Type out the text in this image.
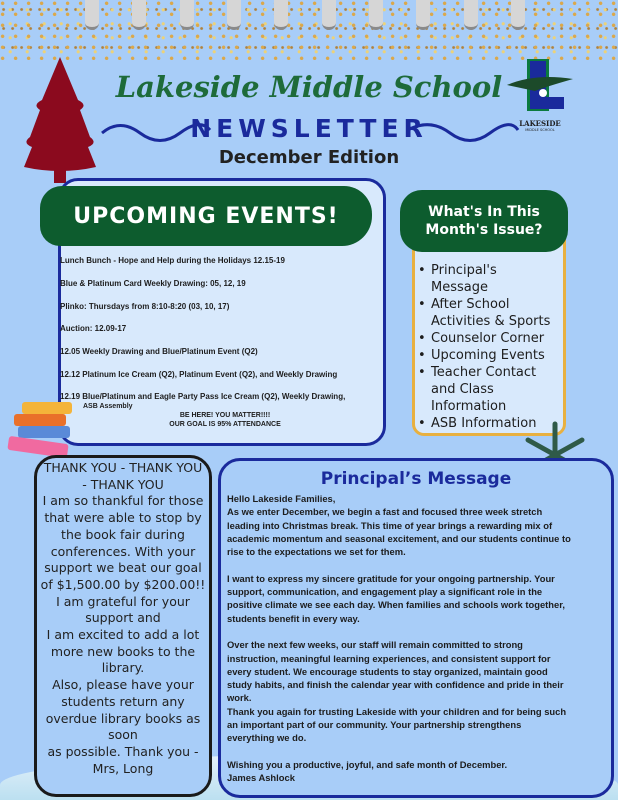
Lakeside Middle School
NEWSLETTER
December Edition
LAKESIDE
MIDDLE SCHOOL
UPCOMING EVENTS!
Lunch Bunch - Hope and Help during the Holidays 12.15-19
Blue & Platinum Card Weekly Drawing: 05, 12, 19
Plinko: Thursdays from 8:10-8:20 (03, 10, 17)
Auction: 12.09-17
12.05 Weekly Drawing and Blue/Platinum Event (Q2)
12.12 Platinum Ice Cream (Q2), Platinum Event (Q2), and Weekly Drawing
12.19 Blue/Platinum and Eagle Party Pass Ice Cream (Q2), Weekly Drawing,
ASB Assembly
BE HERE! YOU MATTER!!!!
OUR GOAL IS 95% ATTENDANCE
What's In This
Month's Issue?
• Principal's Message
• After School Activities & Sports
• Counselor Corner
• Upcoming Events
• Teacher Contact and Class Information
• ASB Information
THANK YOU - THANK YOU - THANK YOU
I am so thankful for those that were able to stop by the book fair during conferences. With your support we beat our goal of $1,500.00 by $200.00!! I am grateful for your support and
I am excited to add a lot more new books to the library.
Also, please have your students return any overdue library books as soon
as possible. Thank you -
Mrs, Long
Principal’s Message
Hello Lakeside Families,
As we enter December, we begin a fast and focused three week stretch
leading into Christmas break. This time of year brings a rewarding mix of
academic momentum and seasonal excitement, and our students continue to
rise to the expectations we set for them.
I want to express my sincere gratitude for your ongoing partnership. Your
support, communication, and engagement play a significant role in the
positive climate we see each day. When families and schools work together,
students benefit in every way.
Over the next few weeks, our staff will remain committed to strong
instruction, meaningful learning experiences, and consistent support for
every student. We encourage students to stay organized, maintain good
study habits, and finish the calendar year with confidence and pride in their
work.
Thank you again for trusting Lakeside with your children and for being such
an important part of our community. Your partnership strengthens
everything we do.
Wishing you a productive, joyful, and safe month of December.
James Ashlock
